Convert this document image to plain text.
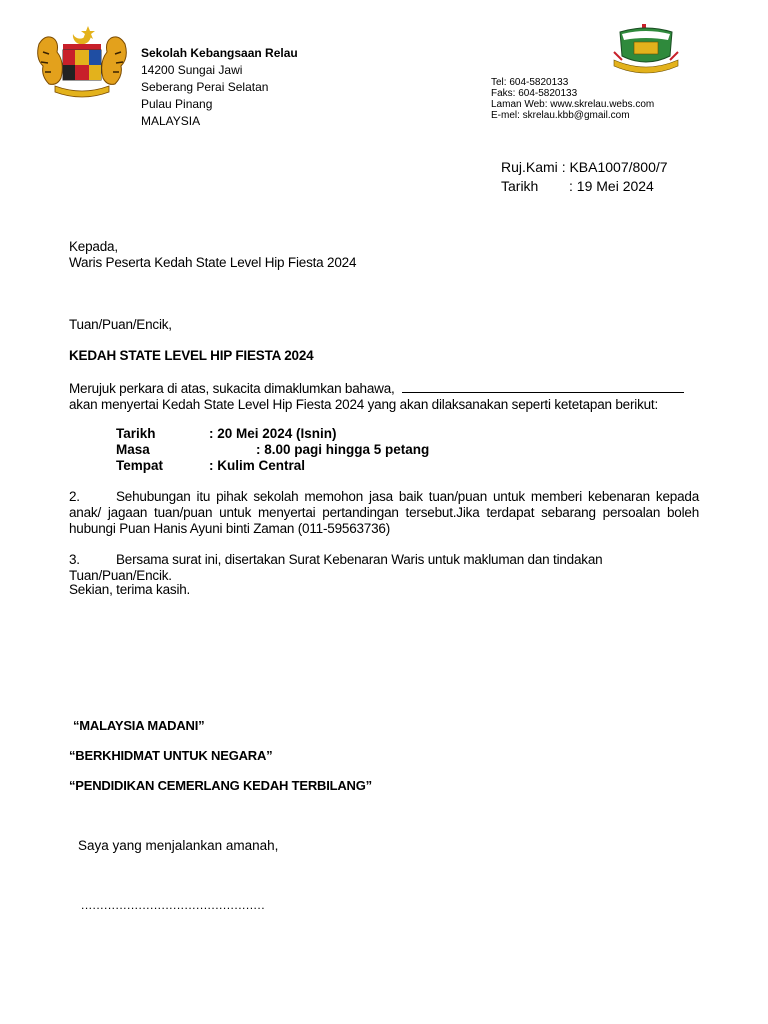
Sekolah Kebangsaan Relau
14200 Sungai Jawi
Seberang Perai Selatan
Pulau Pinang
MALAYSIA
Tel: 604-5820133
Faks: 604-5820133
Laman Web: www.skrelau.webs.com
E-mel: skrelau.kbb@gmail.com
Ruj.Kami : KBA1007/800/7
Tarikh : 19 Mei 2024
Kepada,
Waris Peserta Kedah State Level Hip Fiesta 2024
Tuan/Puan/Encik,
KEDAH STATE LEVEL HIP FIESTA 2024
Merujuk perkara di atas, sukacita dimaklumkan bahawa,
akan menyertai Kedah State Level Hip Fiesta 2024 yang akan dilaksanakan seperti ketetapan berikut:
Tarikh	: 20 Mei 2024 (Isnin)
Masa	: 8.00 pagi hingga 5 petang
Tempat	: Kulim Central
2.	Sehubungan itu pihak sekolah memohon jasa baik tuan/puan untuk memberi kebenaran kepada anak/ jagaan tuan/puan untuk menyertai pertandingan tersebut.Jika terdapat sebarang persoalan boleh hubungi Puan Hanis Ayuni binti Zaman (011-59563736)
3.	Bersama surat ini, disertakan Surat Kebenaran Waris untuk makluman dan tindakan Tuan/Puan/Encik.
Sekian, terima kasih.
“MALAYSIA MADANI”
“BERKHIDMAT UNTUK NEGARA”
“PENDIDIKAN CEMERLANG KEDAH TERBILANG”
Saya yang menjalankan amanah,
................................................
